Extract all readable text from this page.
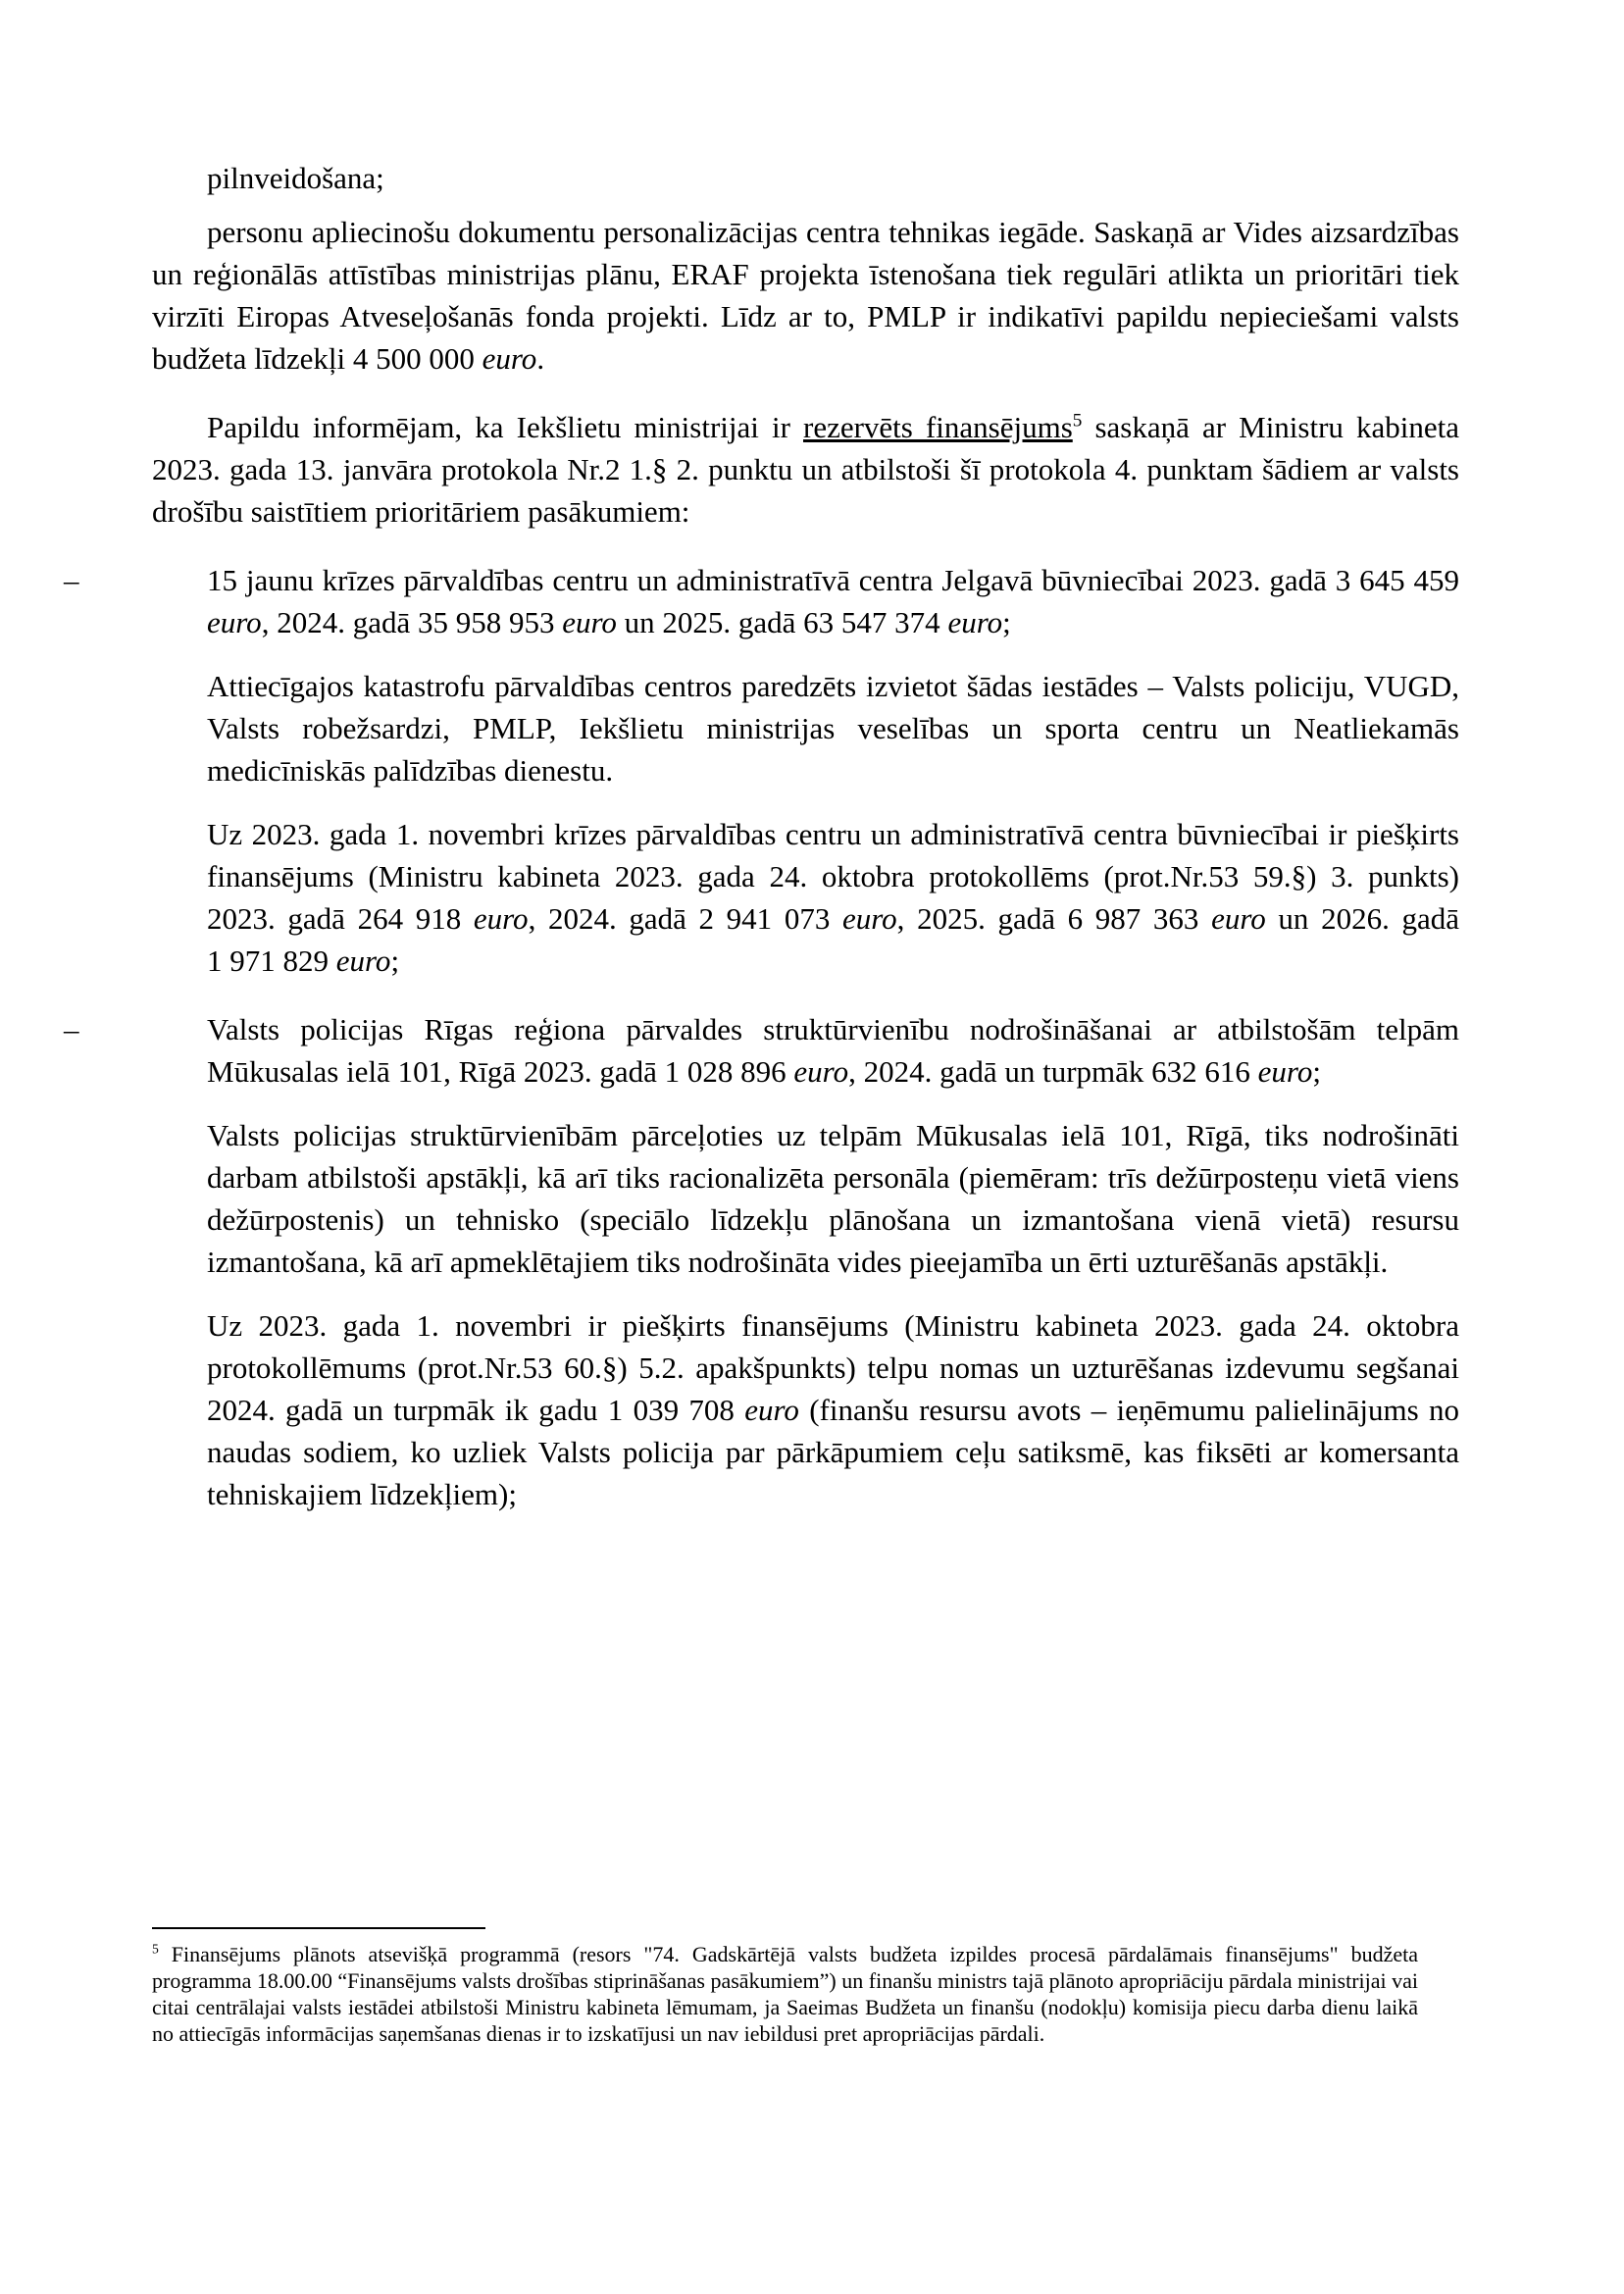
pilnveidošana;

personu apliecinošu dokumentu personalizācijas centra tehnikas iegāde. Saskaņā ar Vides aizsardzības un reģionālās attīstības ministrijas plānu, ERAF projekta īstenošana tiek regulāri atlikta un prioritāri tiek virzīti Eiropas Atveseļošanās fonda projekti. Līdz ar to, PMLP ir indikatīvi papildu nepieciešami valsts budžeta līdzekļi 4 500 000 euro.

Papildu informējam, ka Iekšlietu ministrijai ir rezervēts finansējums$^5$ saskaņā ar Ministru kabineta 2023. gada 13. janvāra protokola Nr.2 1.§ 2. punktu un atbilstoši šī protokola 4. punktam šādiem ar valsts drošību saistītiem prioritāriem pasākumiem:

–	15 jaunu krīzes pārvaldības centru un administratīvā centra Jelgavā būvniecībai 2023. gadā 3 645 459 euro, 2024. gadā 35 958 953 euro un 2025. gadā 63 547 374 euro;

Attiecīgajos katastrofu pārvaldības centros paredzēts izvietot šādas iestādes – Valsts policiju, VUGD, Valsts robežsardzi, PMLP, Iekšlietu ministrijas veselības un sporta centru un Neatliekamās medicīniskās palīdzības dienestu.

Uz 2023. gada 1. novembri krīzes pārvaldības centru un administratīvā centra būvniecībai ir piešķirts finansējums (Ministru kabineta 2023. gada 24. oktobra protokollēms (prot.Nr.53 59.§) 3. punkts) 2023. gadā 264 918 euro, 2024. gadā 2 941 073 euro, 2025. gadā 6 987 363 euro un 2026. gadā 1 971 829 euro;

–	Valsts policijas Rīgas reģiona pārvaldes struktūrvienību nodrošināšanai ar atbilstošām telpām Mūkusalas ielā 101, Rīgā 2023. gadā 1 028 896 euro, 2024. gadā un turpmāk 632 616 euro;

Valsts policijas struktūrvienībām pārceļoties uz telpām Mūkusalas ielā 101, Rīgā, tiks nodrošināti darbam atbilstoši apstākļi, kā arī tiks racionalizēta personāla (piemēram: trīs dežūrposteņu vietā viens dežūrpostenis) un tehnisko (speciālo līdzekļu plānošana un izmantošana vienā vietā) resursu izmantošana, kā arī apmeklētajiem tiks nodrošināta vides pieejamība un ērti uzturēšanās apstākļi.

Uz 2023. gada 1. novembri ir piešķirts finansējums (Ministru kabineta 2023. gada 24. oktobra protokollēmums (prot.Nr.53 60.§) 5.2. apakšpunkts) telpu nomas un uzturēšanas izdevumu segšanai 2024. gadā un turpmāk ik gadu 1 039 708 euro (finanšu resursu avots – ieņēmumu palielinājums no naudas sodiem, ko uzliek Valsts policija par pārkāpumiem ceļu satiksmē, kas fiksēti ar komersanta tehniskajiem līdzekļiem);

$^5$ Finansējums plānots atsevišķā programmā (resors "74. Gadskārtējā valsts budžeta izpildes procesā pārdalāmais finansējums" budžeta programma 18.00.00 “Finansējums valsts drošības stiprināšanas pasākumiem”) un finanšu ministrs tajā plānoto apropriāciju pārdala ministrijai vai citai centrālajai valsts iestādei atbilstoši Ministru kabineta lēmumam, ja Saeimas Budžeta un finanšu (nodokļu) komisija piecu darba dienu laikā no attiecīgās informācijas saņemšanas dienas ir to izskatījusi un nav iebildusi pret apropriācijas pārdali.
